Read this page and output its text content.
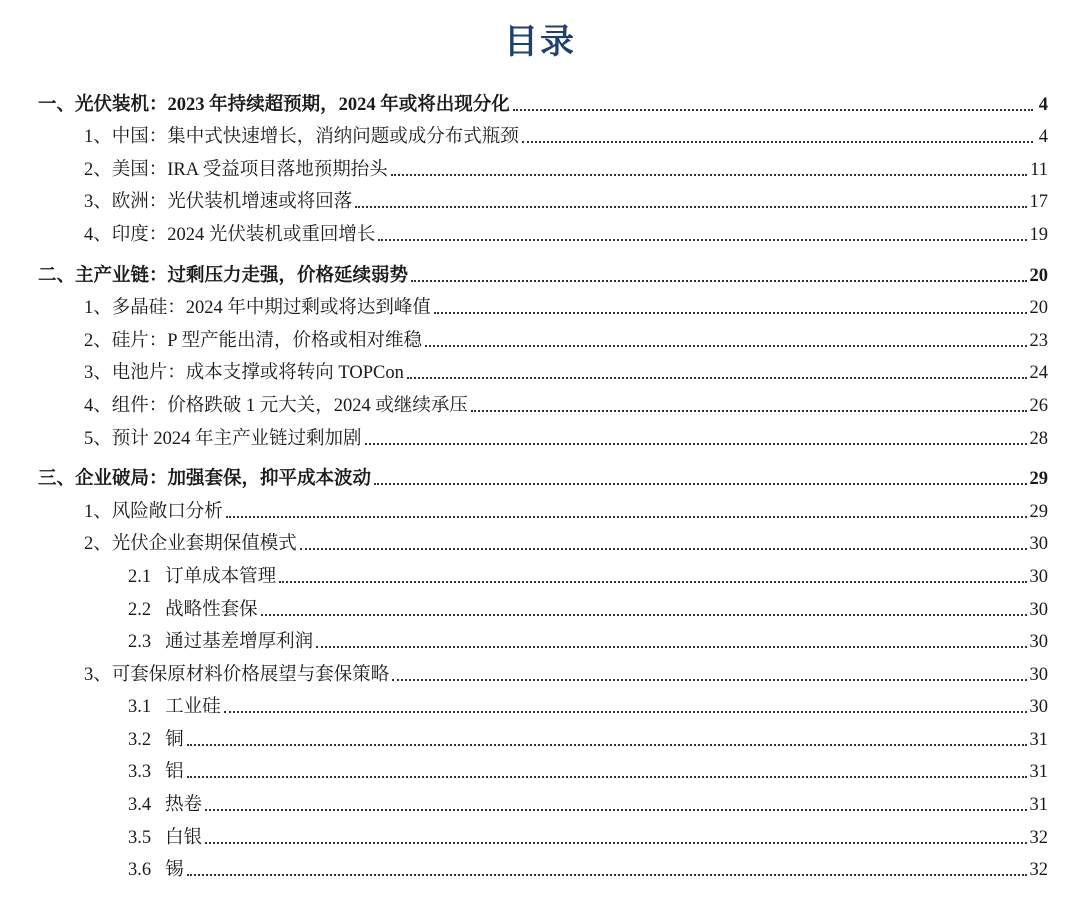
目录
一、光伏装机：2023 年持续超预期，2024 年或将出现分化	4
1、中国：集中式快速增长，消纳问题或成分布式瓶颈	4
2、美国：IRA 受益项目落地预期抬头	11
3、欧洲：光伏装机增速或将回落	17
4、印度：2024 光伏装机或重回增长	19
二、主产业链：过剩压力走强，价格延续弱势	20
1、多晶硅：2024 年中期过剩或将达到峰值	20
2、硅片：P 型产能出清，价格或相对维稳	23
3、电池片：成本支撑或将转向 TOPCon	24
4、组件：价格跌破 1 元大关，2024 或继续承压	26
5、预计 2024 年主产业链过剩加剧	28
三、企业破局：加强套保，抑平成本波动	29
1、风险敞口分析	29
2、光伏企业套期保值模式	30
2.1 订单成本管理	30
2.2 战略性套保	30
2.3 通过基差增厚利润	30
3、可套保原材料价格展望与套保策略	30
3.1 工业硅	30
3.2 铜	31
3.3 铝	31
3.4 热卷	31
3.5 白银	32
3.6 锡	32
